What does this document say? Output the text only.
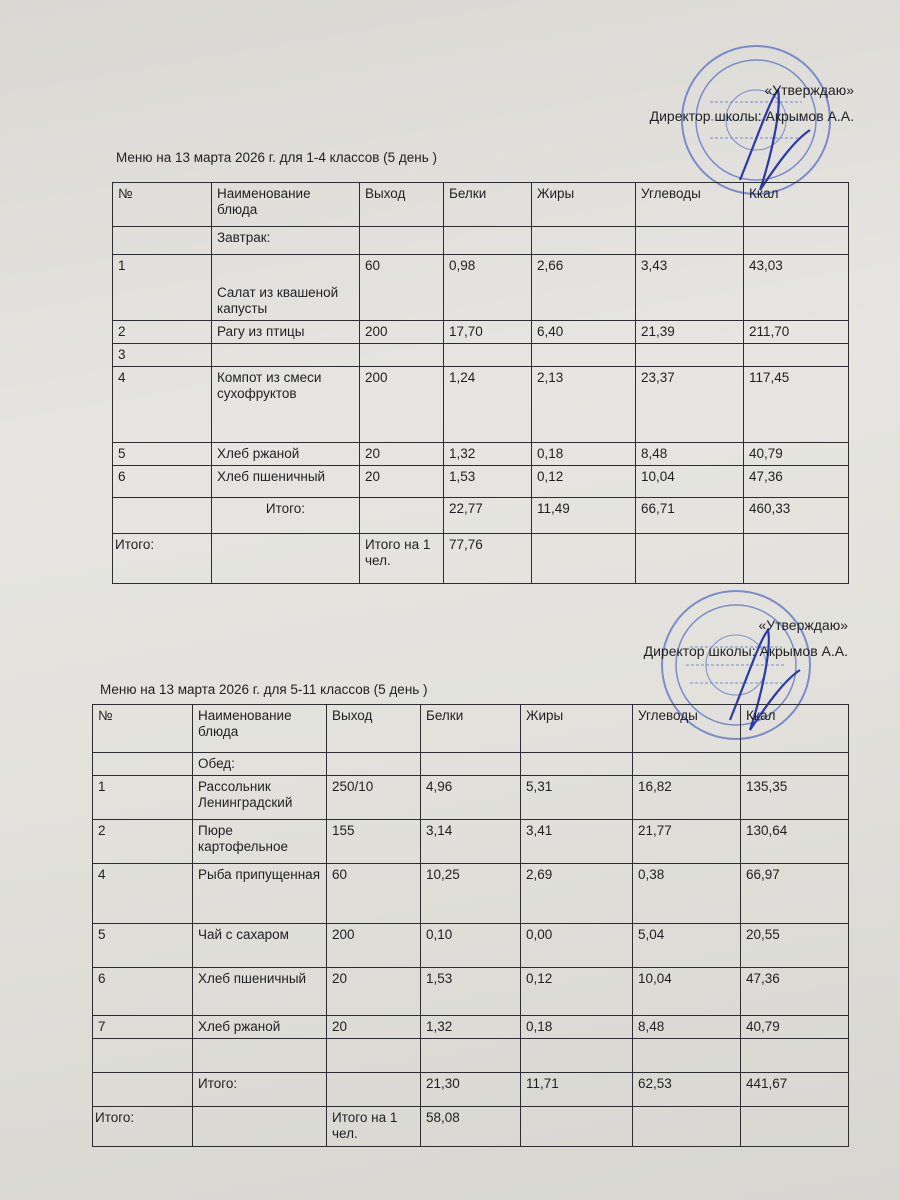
«Утверждаю»
Директор школы: Акрымов А.А.
Меню на 13 марта 2026 г. для 1-4 классов (5 день )
№	Наименование блюда	Выход	Белки	Жиры	Углеводы	Ккал
	Завтрак:					
1	Салат из квашеной капусты	60	0,98	2,66	3,43	43,03
2	Рагу из птицы	200	17,70	6,40	21,39	211,70
3						
4	Компот из смеси сухофруктов	200	1,24	2,13	23,37	117,45
5	Хлеб ржаной	20	1,32	0,18	8,48	40,79
6	Хлеб пшеничный	20	1,53	0,12	10,04	47,36
	Итого:		22,77	11,49	66,71	460,33
Итого:		Итого на 1 чел.	77,76			
«Утверждаю»
Директор школы: Акрымов А.А.
Меню на 13 марта 2026 г. для 5-11 классов (5 день )
№	Наименование блюда	Выход	Белки	Жиры	Углеводы	Ккал
	Обед:					
1	Рассольник Ленинградский	250/10	4,96	5,31	16,82	135,35
2	Пюре картофельное	155	3,14	3,41	21,77	130,64
4	Рыба припущенная	60	10,25	2,69	0,38	66,97
5	Чай с сахаром	200	0,10	0,00	5,04	20,55
6	Хлеб пшеничный	20	1,53	0,12	10,04	47,36
7	Хлеб ржаной	20	1,32	0,18	8,48	40,79

	Итого:		21,30	11,71	62,53	441,67
Итого:		Итого на 1 чел.	58,08			
